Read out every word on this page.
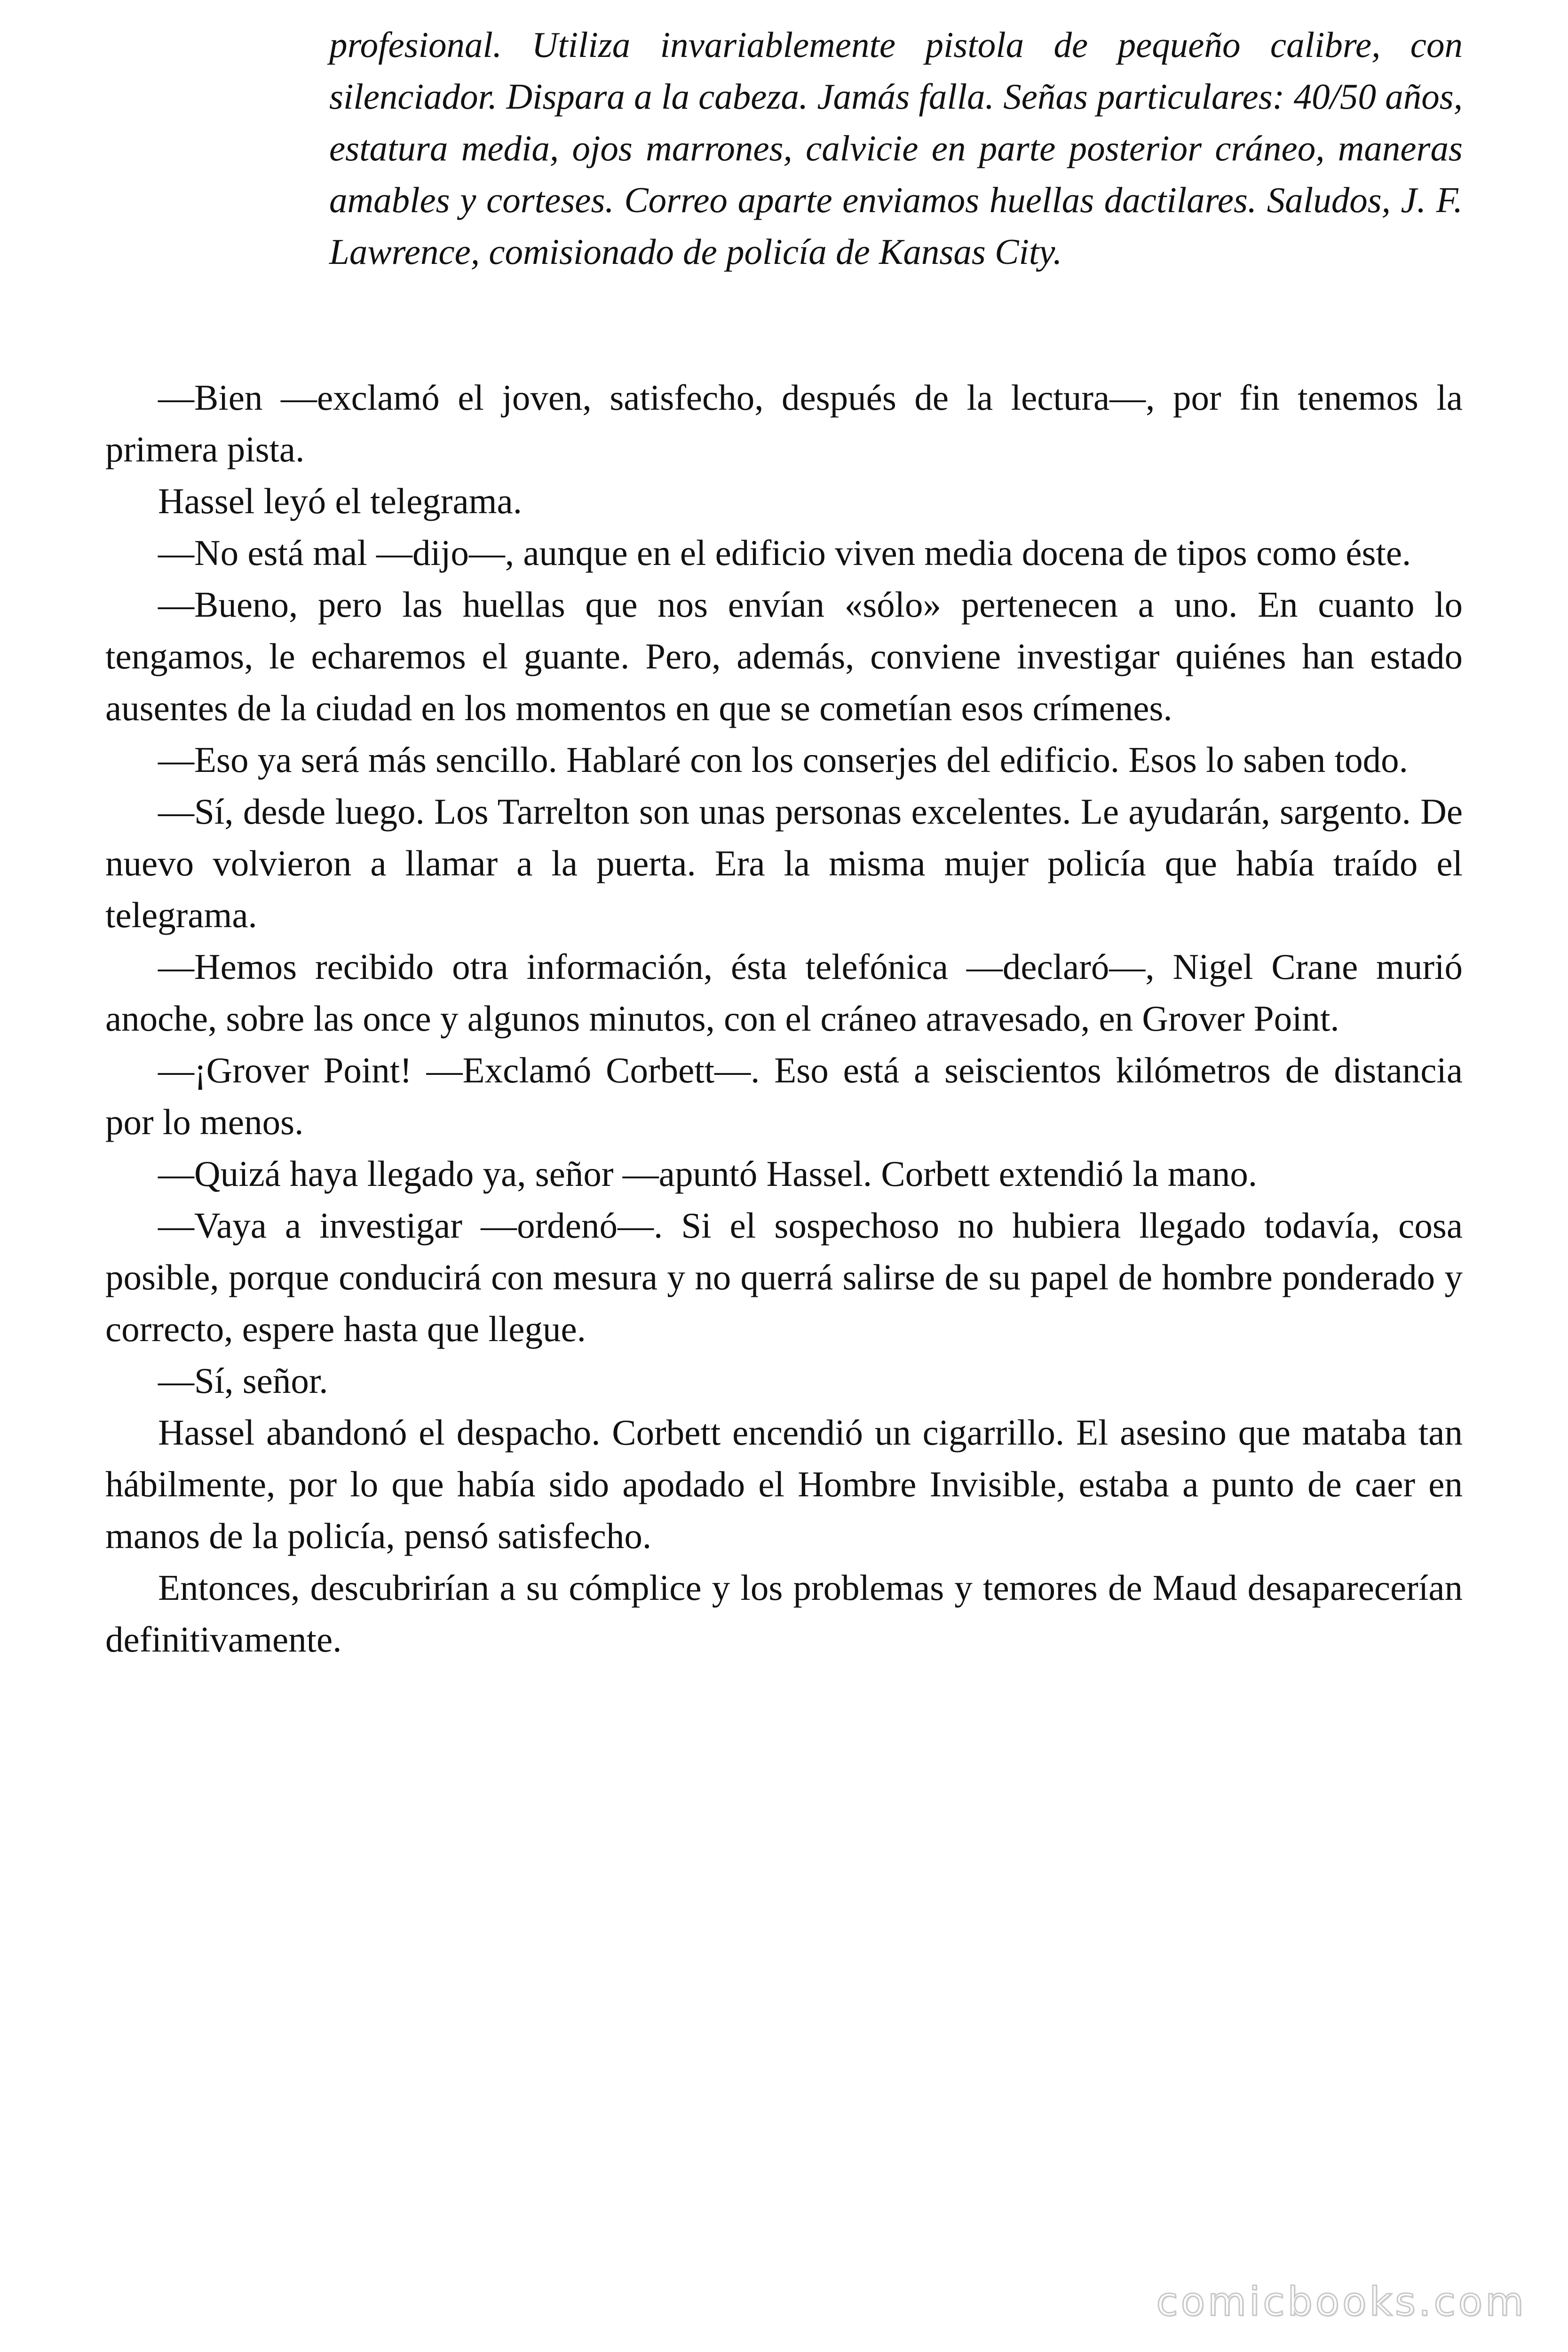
profesional. Utiliza invariablemente pistola de pequeño calibre, con silenciador. Dispara a la cabeza. Jamás falla. Señas particulares: 40/50 años, estatura media, ojos marrones, calvicie en parte posterior cráneo, maneras amables y corteses. Correo aparte enviamos huellas dactilares. Saludos, J. F. Lawrence, comisionado de policía de Kansas City.

—Bien —exclamó el joven, satisfecho, después de la lectura—, por fin tenemos la primera pista.

Hassel leyó el telegrama.

—No está mal —dijo—, aunque en el edificio viven media docena de tipos como éste.

—Bueno, pero las huellas que nos envían «sólo» pertenecen a uno. En cuanto lo tengamos, le echaremos el guante. Pero, además, conviene investigar quiénes han estado ausentes de la ciudad en los momentos en que se cometían esos crímenes.

—Eso ya será más sencillo. Hablaré con los conserjes del edificio. Esos lo saben todo.

—Sí, desde luego. Los Tarrelton son unas personas excelentes. Le ayudarán, sargento. De nuevo volvieron a llamar a la puerta. Era la misma mujer policía que había traído el telegrama.

—Hemos recibido otra información, ésta telefónica —declaró—, Nigel Crane murió anoche, sobre las once y algunos minutos, con el cráneo atravesado, en Grover Point.

—¡Grover Point! —Exclamó Corbett—. Eso está a seiscientos kilómetros de distancia por lo menos.

—Quizá haya llegado ya, señor —apuntó Hassel. Corbett extendió la mano.

—Vaya a investigar —ordenó—. Si el sospechoso no hubiera llegado todavía, cosa posible, porque conducirá con mesura y no querrá salirse de su papel de hombre ponderado y correcto, espere hasta que llegue.

—Sí, señor.

Hassel abandonó el despacho. Corbett encendió un cigarrillo. El asesino que mataba tan hábilmente, por lo que había sido apodado el Hombre Invisible, estaba a punto de caer en manos de la policía, pensó satisfecho.

Entonces, descubrirían a su cómplice y los problemas y temores de Maud desaparecerían definitivamente.

comicbooks.com
